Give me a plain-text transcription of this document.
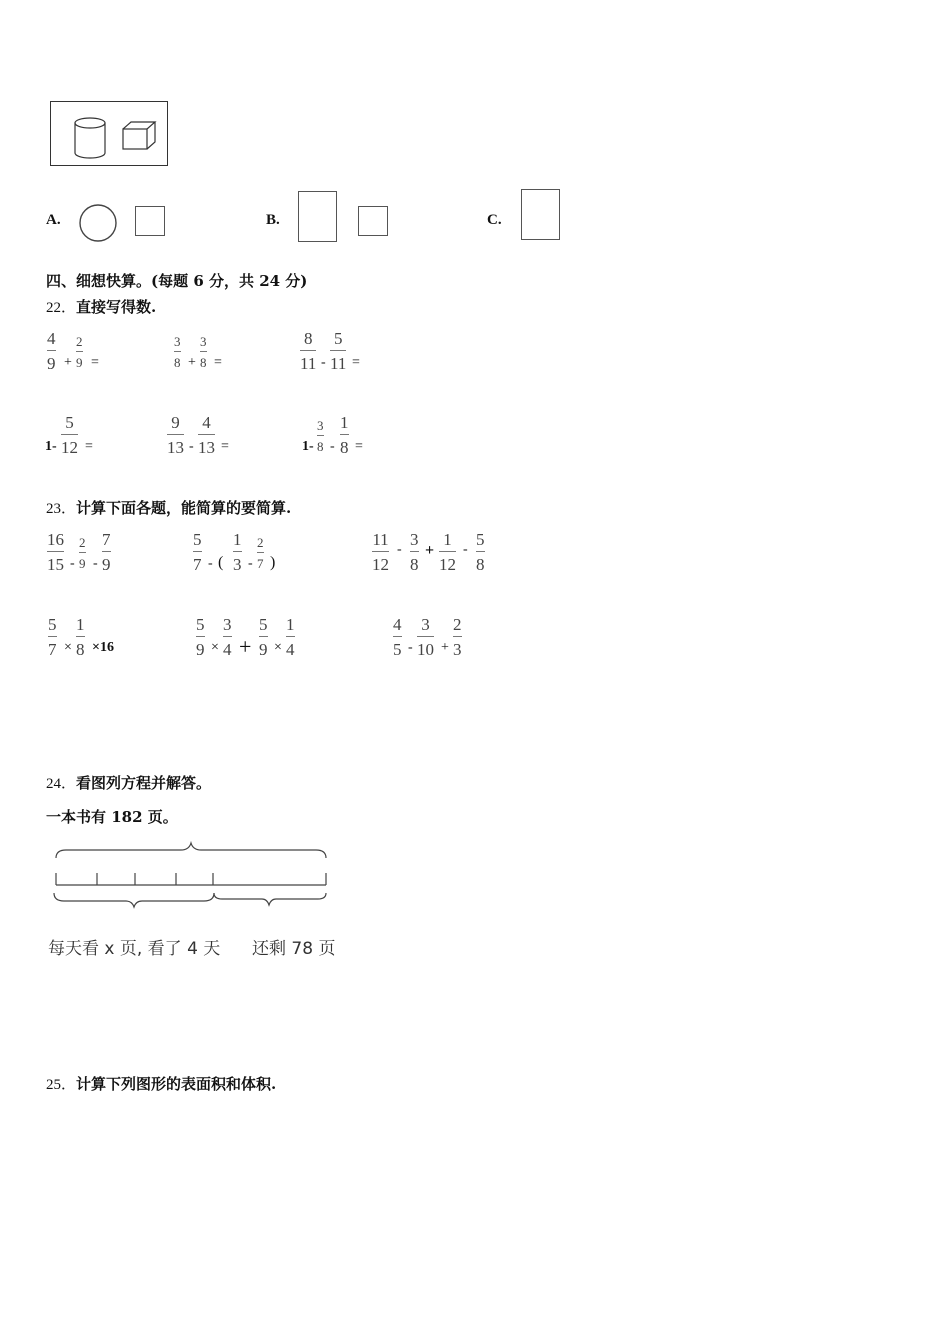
A.	B.	C.
四、细想快算。(每题 6 分，共 24 分)
22．直接写得数.
4
9 +
2
9 =
3
8 +
3
8 =
8
11 -
5
11 =
1-
5
12 =
9
13 -
4
13 =	1-
3
8 -
1
8 =
23．计算下面各题，能简算的要简算.
16
15 -
2
9 -
7
9
5
7 - (
1
3 -
2
7 )
11
12
-
3
8
+
1
12
-
5
8
5
7 ×
1
8 ×16
5
9 ×
3
4 +
5
9 ×
1
4
4
5 -
3
10 +
2
3
24．看图列方程并解答。
一本书有 182 页。
每天看 x 页, 看了 4 天 还剩 78 页
25．计算下列图形的表面积和体积.
